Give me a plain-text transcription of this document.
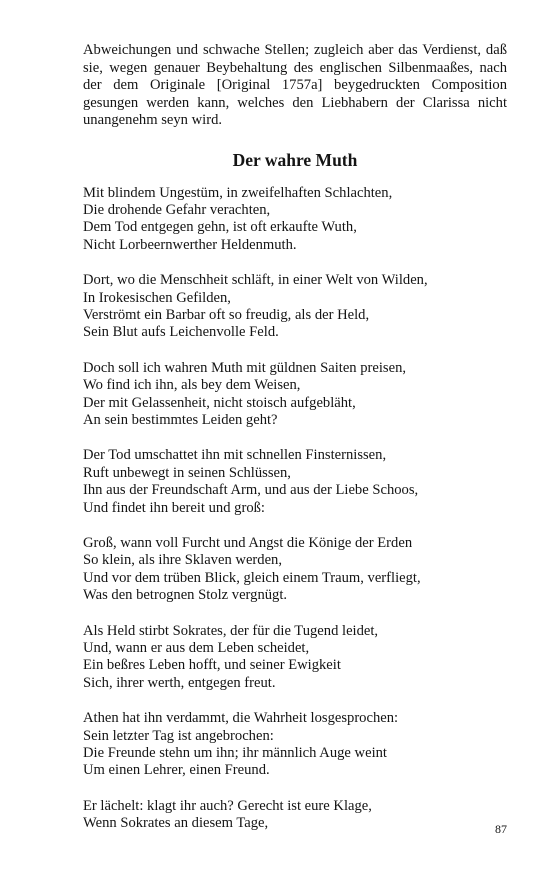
Abweichungen und schwache Stellen; zugleich aber das Verdienst, daß sie, wegen genauer Beybehaltung des englischen Silbenmaaßes, nach der dem Originale [Original 1757a] beygedruckten Composition gesungen werden kann, welches den Liebhabern der Clarissa nicht unangenehm seyn wird.

Der wahre Muth
Mit blindem Ungestüm, in zweifelhaften Schlachten,
Die drohende Gefahr verachten,
Dem Tod entgegen gehn, ist oft erkaufte Wuth,
Nicht Lorbeernwerther Heldenmuth.
Dort, wo die Menschheit schläft, in einer Welt von Wilden,
In Irokesischen Gefilden,
Verströmt ein Barbar oft so freudig, als der Held,
Sein Blut aufs Leichenvolle Feld.
Doch soll ich wahren Muth mit güldnen Saiten preisen,
Wo find ich ihn, als bey dem Weisen,
Der mit Gelassenheit, nicht stoisch aufgebläht,
An sein bestimmtes Leiden geht?
Der Tod umschattet ihn mit schnellen Finsternissen,
Ruft unbewegt in seinen Schlüssen,
Ihn aus der Freundschaft Arm, und aus der Liebe Schoos,
Und findet ihn bereit und groß:
Groß, wann voll Furcht und Angst die Könige der Erden
So klein, als ihre Sklaven werden,
Und vor dem trüben Blick, gleich einem Traum, verfliegt,
Was den betrognen Stolz vergnügt.
Als Held stirbt Sokrates, der für die Tugend leidet,
Und, wann er aus dem Leben scheidet,
Ein beßres Leben hofft, und seiner Ewigkeit
Sich, ihrer werth, entgegen freut.
Athen hat ihn verdammt, die Wahrheit losgesprochen:
Sein letzter Tag ist angebrochen:
Die Freunde stehn um ihn; ihr männlich Auge weint
Um einen Lehrer, einen Freund.
Er lächelt: klagt ihr auch? Gerecht ist eure Klage,
Wenn Sokrates an diesem Tage,	87
